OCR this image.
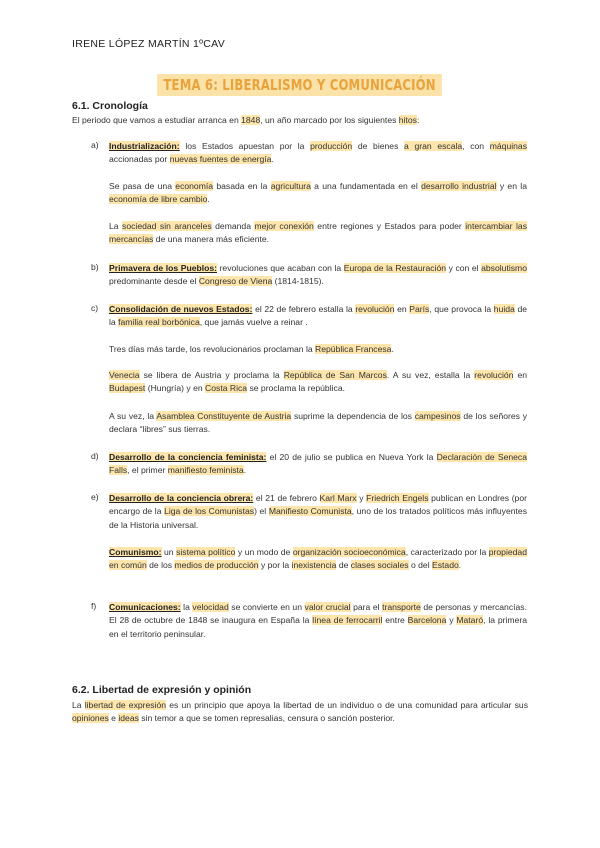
IRENE LÓPEZ MARTÍN 1ºCAV
TEMA 6: LIBERALISMO Y COMUNICACIÓN
6.1. Cronología
El periodo que vamos a estudiar arranca en 1848, un año marcado por los siguientes hitos:
a) Industrialización: los Estados apuestan por la producción de bienes a gran escala, con máquinas accionadas por nuevas fuentes de energía.
Se pasa de una economía basada en la agricultura a una fundamentada en el desarrollo industrial y en la economía de libre cambio.
La sociedad sin aranceles demanda mejor conexión entre regiones y Estados para poder intercambiar las mercancías de una manera más eficiente.
b) Primavera de los Pueblos: revoluciones que acaban con la Europa de la Restauración y con el absolutismo predominante desde el Congreso de Viena (1814-1815).
c) Consolidación de nuevos Estados: el 22 de febrero estalla la revolución en París, que provoca la huida de la familia real borbónica, que jamás vuelve a reinar .
Tres días más tarde, los revolucionarios proclaman la República Francesa.
Venecia se libera de Austria y proclama la República de San Marcos. A su vez, estalla la revolución en Budapest (Hungría) y en Costa Rica se proclama la república.
A su vez, la Asamblea Constituyente de Austria suprime la dependencia de los campesinos de los señores y declara “libres” sus tierras.
d) Desarrollo de la conciencia feminista: el 20 de julio se publica en Nueva York la Declaración de Seneca Falls, el primer manifiesto feminista.
e) Desarrollo de la conciencia obrera: el 21 de febrero Karl Marx y Friedrich Engels publican en Londres (por encargo de la Liga de los Comunistas) el Manifiesto Comunista, uno de los tratados políticos más influyentes de la Historia universal.
Comunismo: un sistema político y un modo de organización socioeconómica, caracterizado por la propiedad en común de los medios de producción y por la inexistencia de clases sociales o del Estado.
f) Comunicaciones: la velocidad se convierte en un valor crucial para el transporte de personas y mercancías. El 28 de octubre de 1848 se inaugura en España la línea de ferrocarril entre Barcelona y Mataró, la primera en el territorio peninsular.
6.2. Libertad de expresión y opinión
La libertad de expresión es un principio que apoya la libertad de un individuo o de una comunidad para articular sus opiniones e ideas sin temor a que se tomen represalias, censura o sanción posterior.
